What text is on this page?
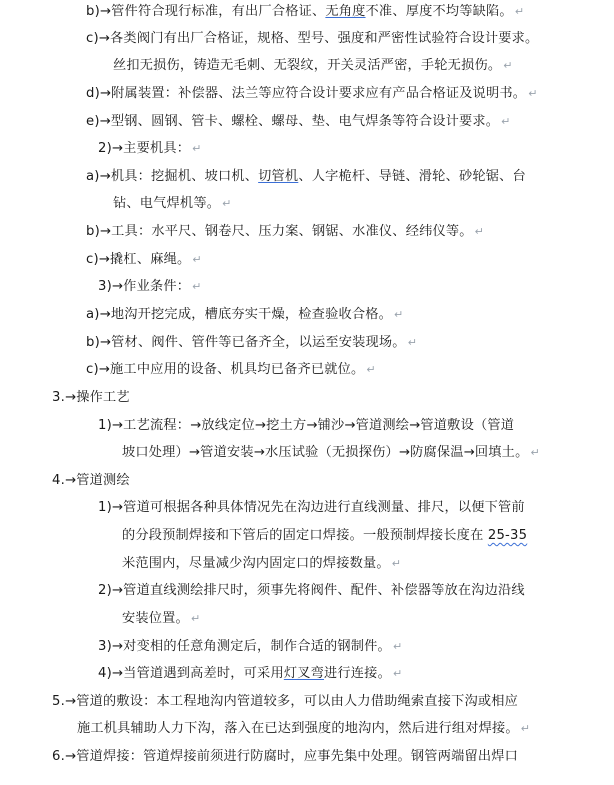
b)→管件符合现行标准，有出厂合格证、无角度不准、厚度不均等缺陷。 ↵
c)→各类阀门有出厂合格证，规格、型号、强度和严密性试验符合设计要求。
丝扣无损伤，铸造无毛刺、无裂纹，开关灵活严密，手轮无损伤。 ↵
d)→附属装置：补偿器、法兰等应符合设计要求应有产品合格证及说明书。 ↵
e)→型钢、圆钢、管卡、螺栓、螺母、垫、电气焊条等符合设计要求。 ↵
2)→主要机具： ↵
a)→机具：挖掘机、坡口机、切管机、人字桅杆、导链、滑轮、砂轮锯、台
钻、电气焊机等。 ↵
b)→工具：水平尺、钢卷尺、压力案、钢锯、水准仪、经纬仪等。 ↵
c)→撬杠、麻绳。 ↵
3)→作业条件： ↵
a)→地沟开挖完成，槽底夯实干燥，检查验收合格。 ↵
b)→管材、阀件、管件等已备齐全，以运至安装现场。 ↵
c)→施工中应用的设备、机具均已备齐已就位。 ↵
3.→操作工艺
1)→工艺流程：→放线定位→挖土方→铺沙→管道测绘→管道敷设（管道
坡口处理）→管道安装→水压试验（无损探伤）→防腐保温→回填土。 ↵
4.→管道测绘
1)→管道可根据各种具体情况先在沟边进行直线测量、排尺，以便下管前
的分段预制焊接和下管后的固定口焊接。一般预制焊接长度在 25-35
米范围内，尽量减少沟内固定口的焊接数量。 ↵
2)→管道直线测绘排尺时，须事先将阀件、配件、补偿器等放在沟边沿线
安装位置。 ↵
3)→对变相的任意角测定后，制作合适的钢制件。 ↵
4)→当管道遇到高差时，可采用灯叉弯进行连接。 ↵
5.→管道的敷设：本工程地沟内管道较多，可以由人力借助绳索直接下沟或相应
施工机具辅助人力下沟，落入在已达到强度的地沟内，然后进行组对焊接。 ↵
6.→管道焊接：管道焊接前须进行防腐时，应事先集中处理。钢管两端留出焊口
